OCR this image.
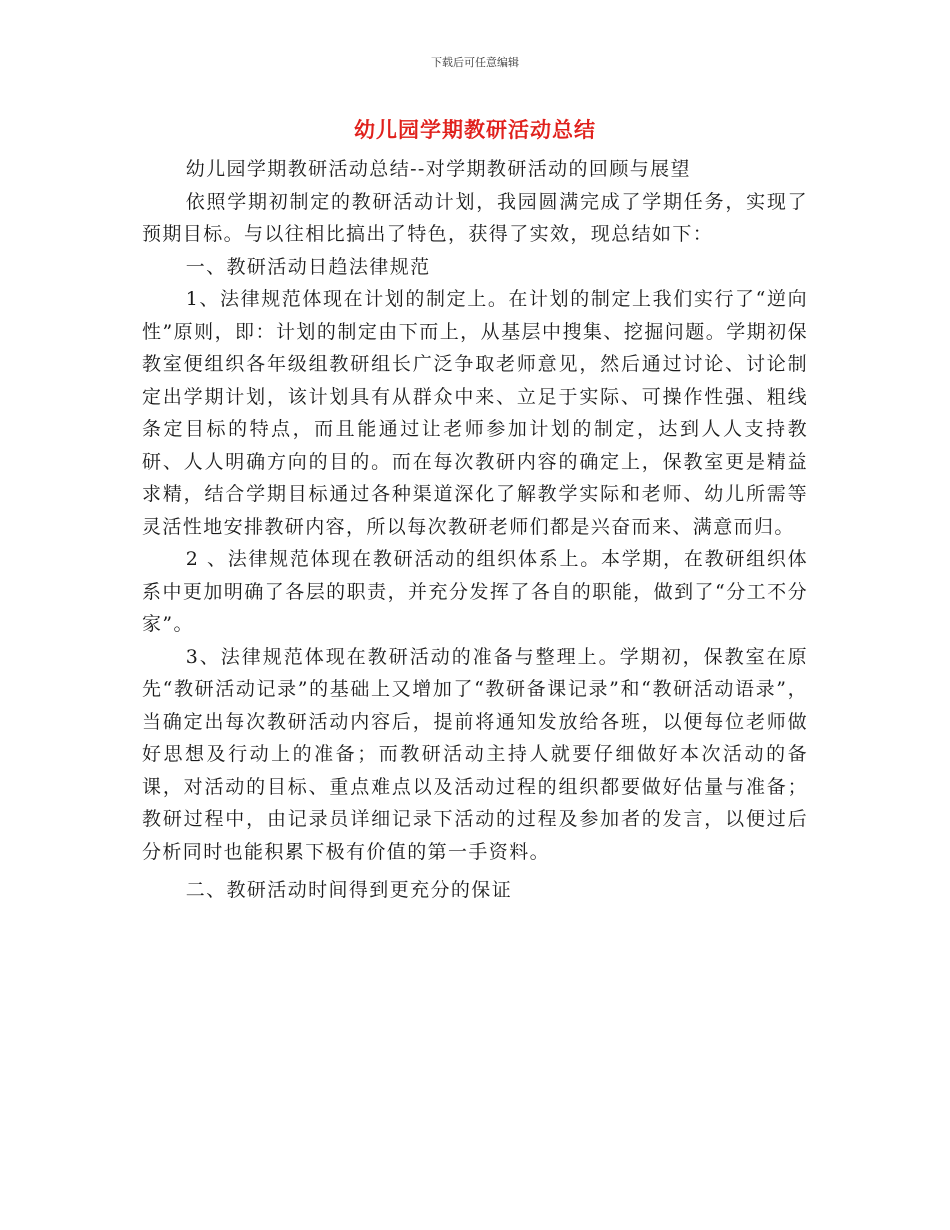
下载后可任意编辑
幼儿园学期教研活动总结

幼儿园学期教研活动总结--对学期教研活动的回顾与展望

依照学期初制定的教研活动计划，我园圆满完成了学期任务，实现了预期目标。与以往相比搞出了特色，获得了实效，现总结如下：

一、教研活动日趋法律规范

1、法律规范体现在计划的制定上。在计划的制定上我们实行了“逆向性”原则，即：计划的制定由下而上，从基层中搜集、挖掘问题。学期初保教室便组织各年级组教研组长广泛争取老师意见，然后通过讨论、讨论制定出学期计划，该计划具有从群众中来、立足于实际、可操作性强、粗线条定目标的特点，而且能通过让老师参加计划的制定，达到人人支持教研、人人明确方向的目的。而在每次教研内容的确定上，保教室更是精益求精，结合学期目标通过各种渠道深化了解教学实际和老师、幼儿所需等灵活性地安排教研内容，所以每次教研老师们都是兴奋而来、满意而归。

2 、法律规范体现在教研活动的组织体系上。本学期，在教研组织体系中更加明确了各层的职责，并充分发挥了各自的职能，做到了“分工不分家”。

3、法律规范体现在教研活动的准备与整理上。学期初，保教室在原先“教研活动记录”的基础上又增加了“教研备课记录”和“教研活动语录”，当确定出每次教研活动内容后，提前将通知发放给各班，以便每位老师做好思想及行动上的准备；而教研活动主持人就要仔细做好本次活动的备课，对活动的目标、重点难点以及活动过程的组织都要做好估量与准备；教研过程中，由记录员详细记录下活动的过程及参加者的发言，以便过后分析同时也能积累下极有价值的第一手资料。

二、教研活动时间得到更充分的保证
